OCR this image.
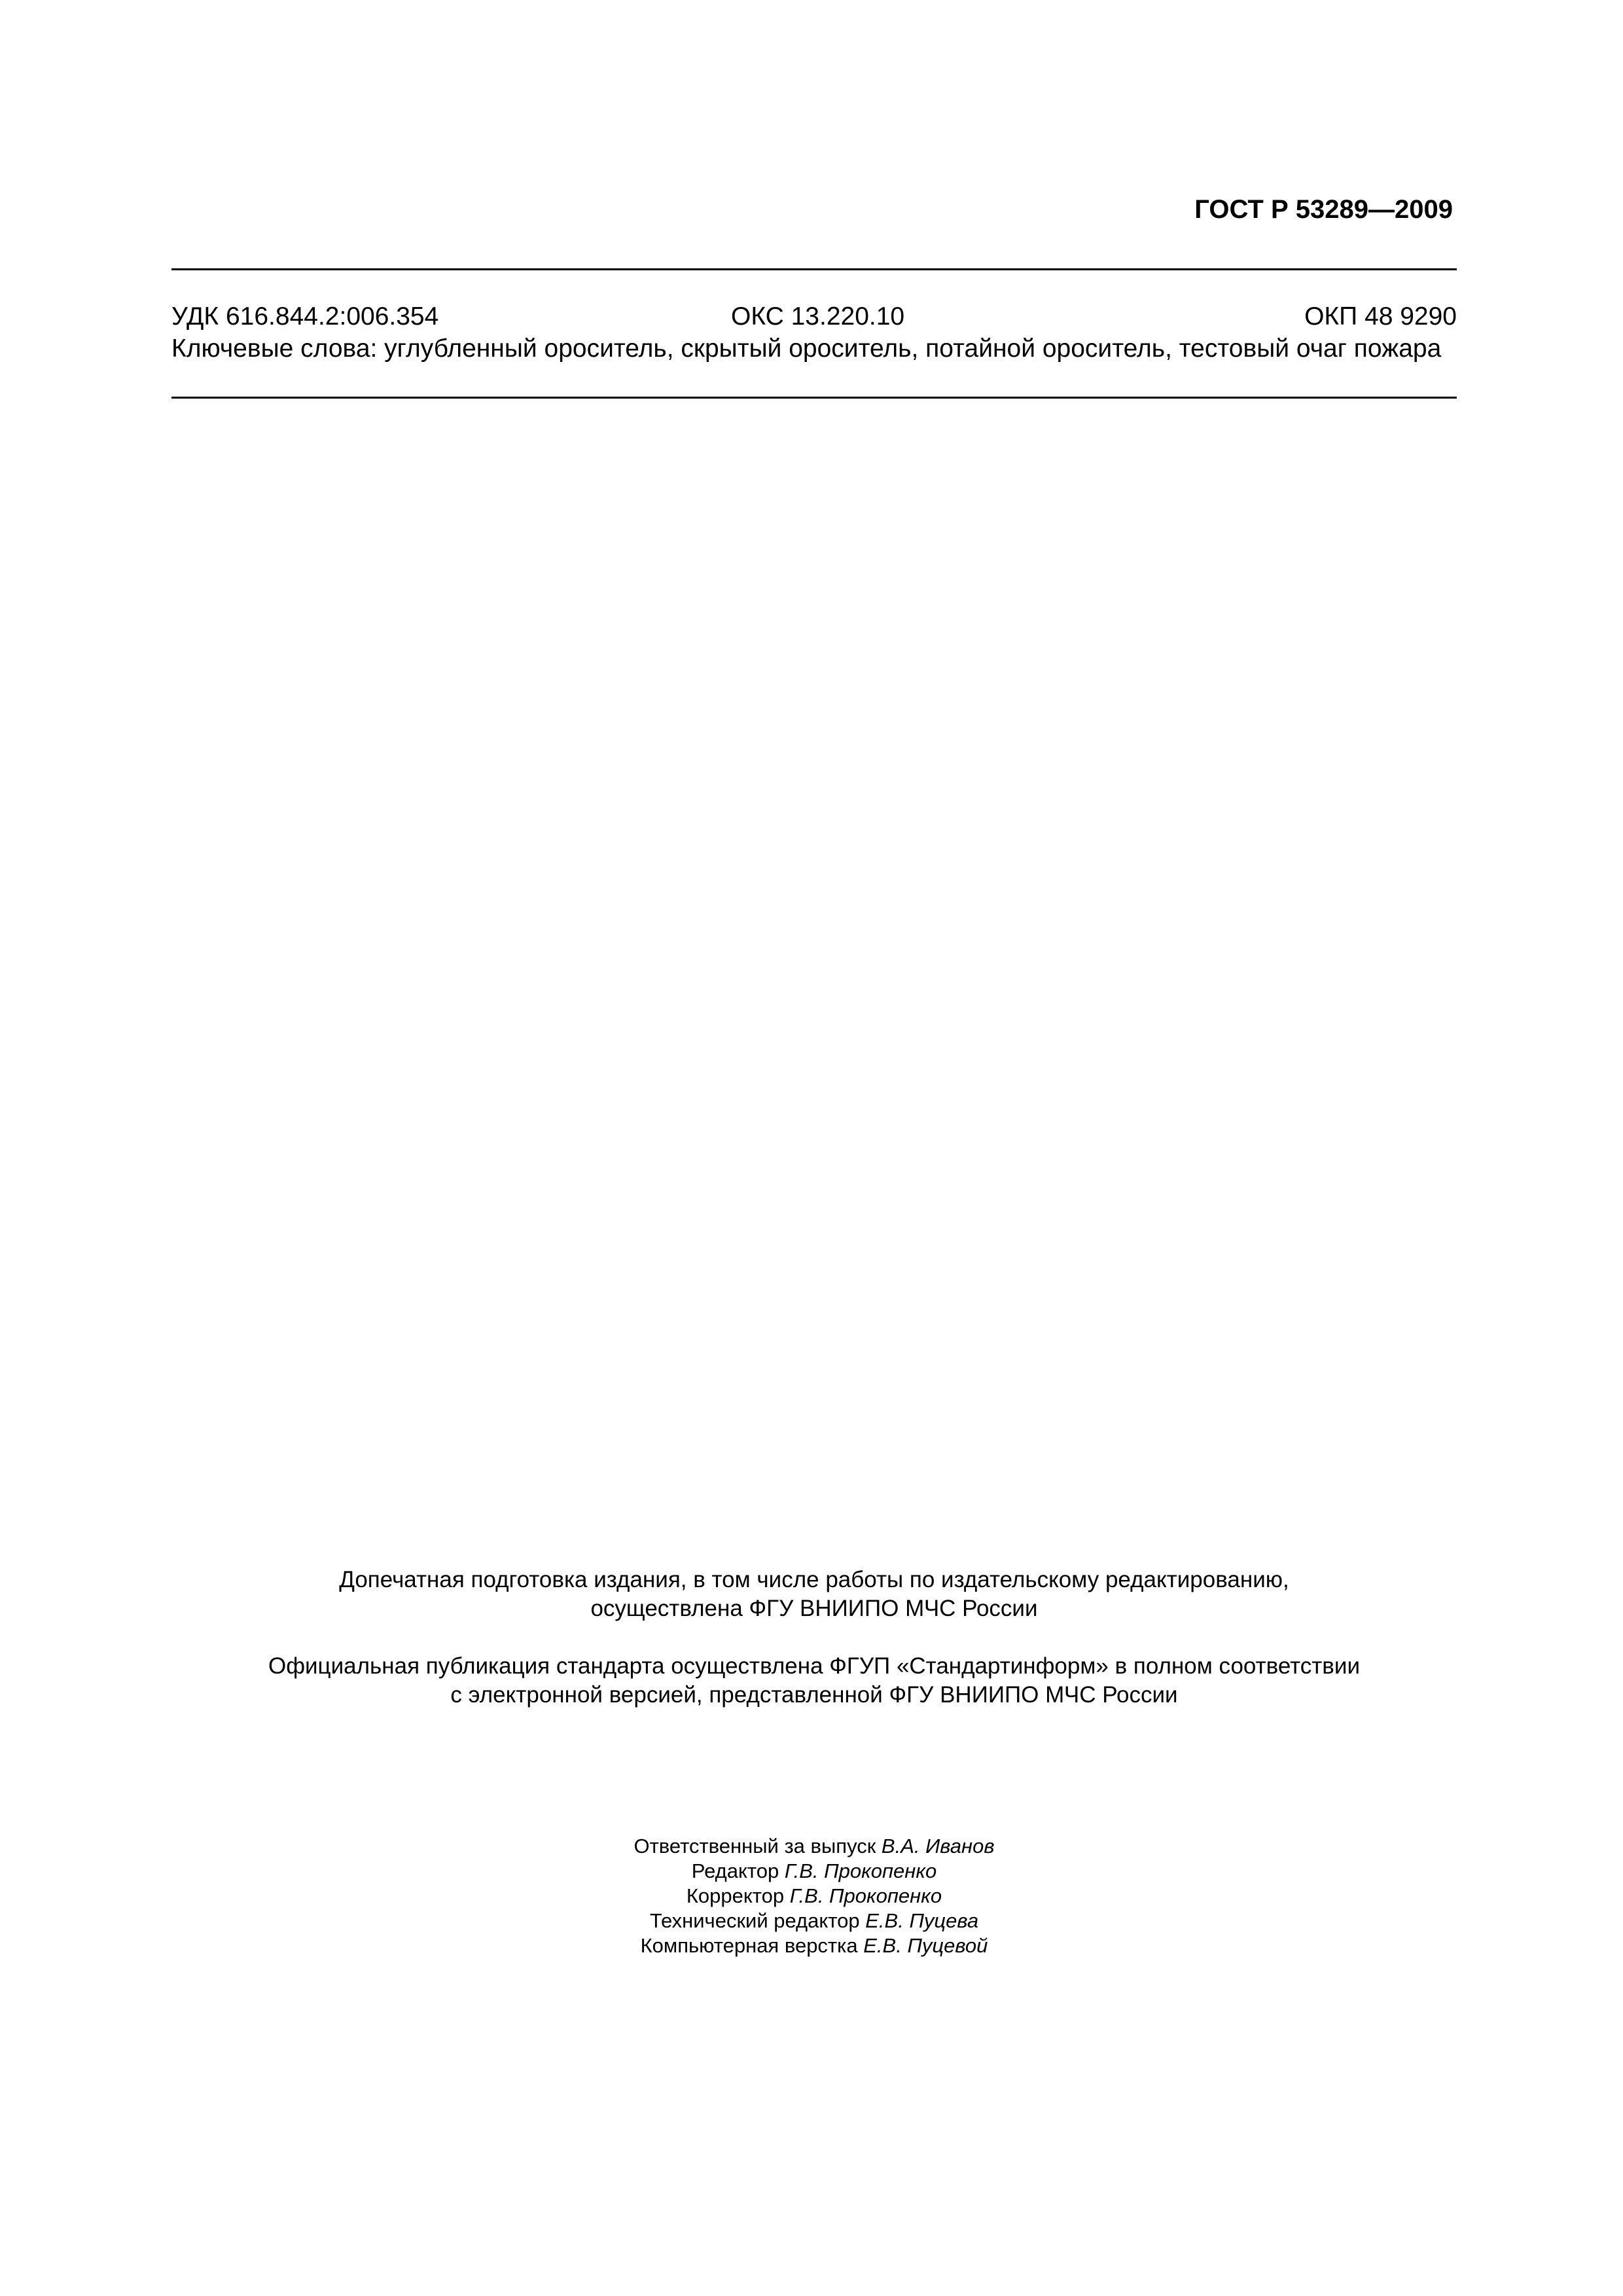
ГОСТ Р 53289—2009
УДК 616.844.2:006.354	ОКС 13.220.10	ОКП 48 9290
Ключевые слова: углубленный ороситель, скрытый ороситель, потайной ороситель, тестовый очаг пожара

Допечатная подготовка издания, в том числе работы по издательскому редактированию,

осуществлена ФГУ ВНИИПО МЧС России

Официальная публикация стандарта осуществлена ФГУП «Стандартинформ» в полном соответствии

с электронной версией, представленной ФГУ ВНИИПО МЧС России

Ответственный за выпуск В.А. Иванов
Редактор Г.В. Прокопенко
Корректор Г.В. Прокопенко
Технический редактор Е.В. Пуцева
Компьютерная верстка Е.В. Пуцевой
